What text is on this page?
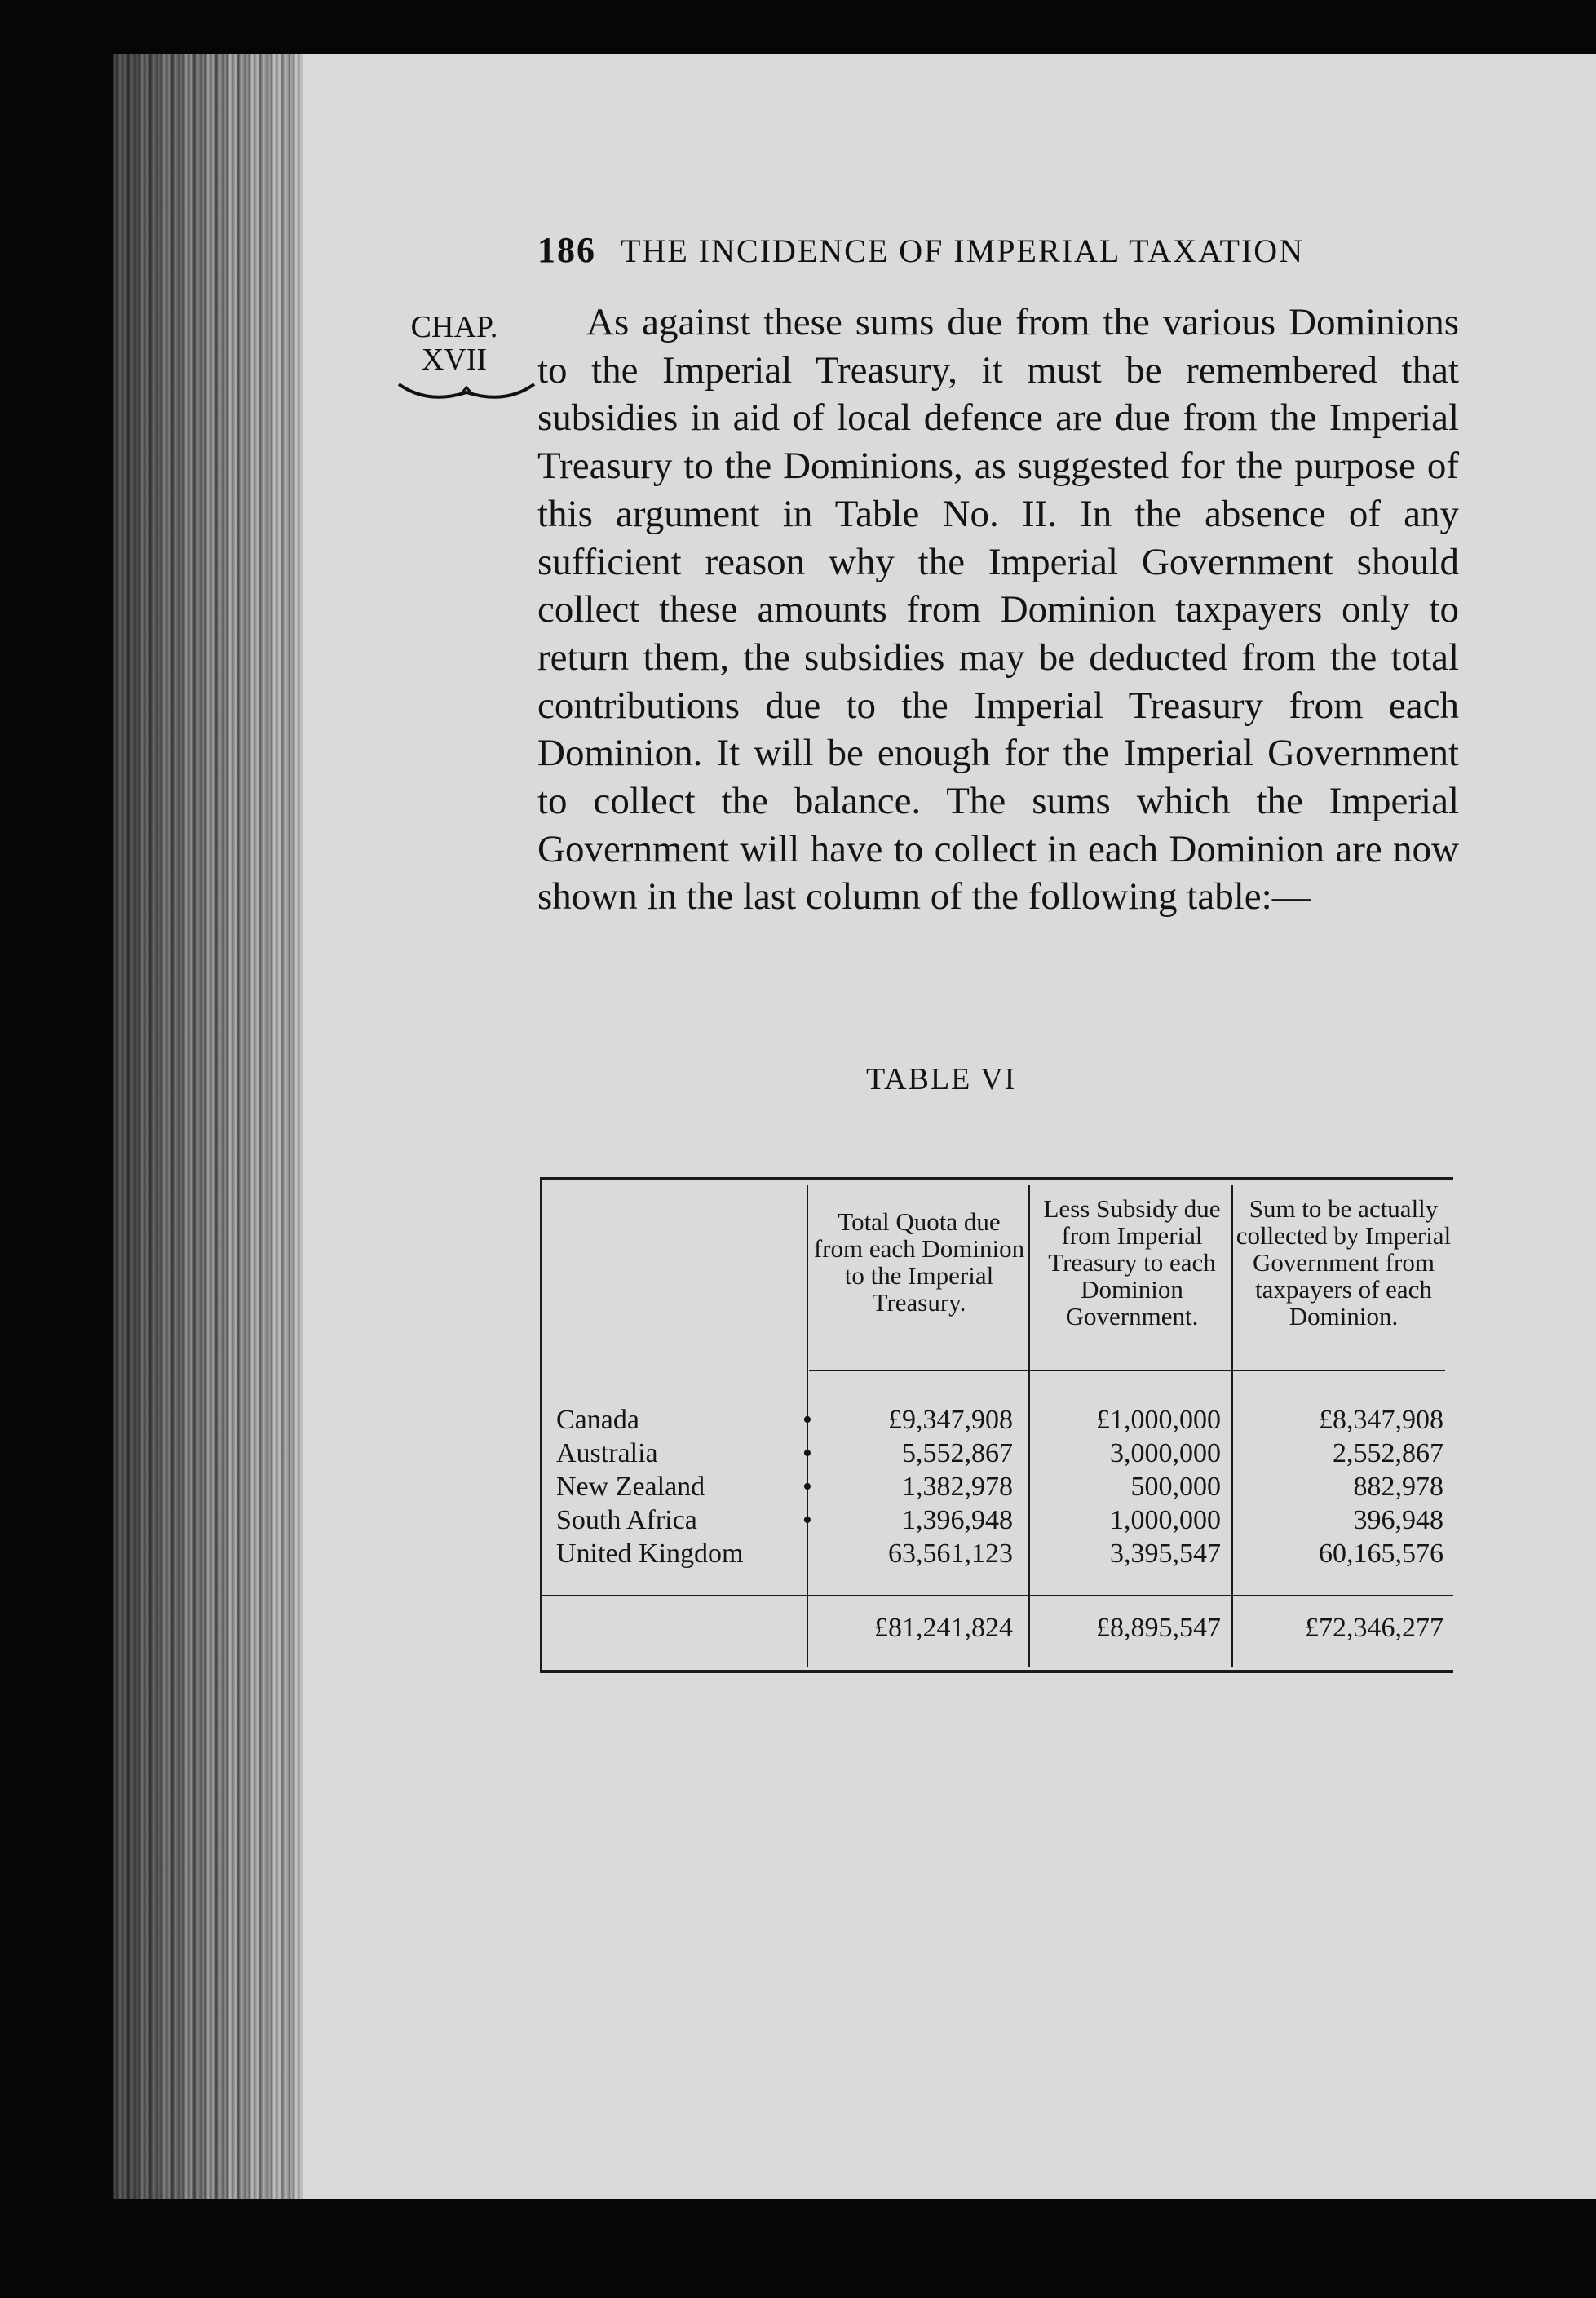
186 THE INCIDENCE OF IMPERIAL TAXATION
CHAP.
XVII

As against these sums due from the various Dominions to the Imperial Treasury, it must be remembered that subsidies in aid of local defence are due from the Imperial Treasury to the Dominions, as suggested for the purpose of this argument in Table No. II. In the absence of any sufficient reason why the Imperial Government should collect these amounts from Dominion taxpayers only to return them, the subsidies may be deducted from the total contributions due to the Imperial Treasury from each Dominion. It will be enough for the Imperial Government to collect the balance. The sums which the Imperial Government will have to collect in each Dominion are now shown in the last column of the following table:—

TABLE VI
Total Quota due from each Dominion to the Imperial Treasury.
Less Subsidy due from Imperial Treasury to each Dominion Government.
Sum to be actually collected by Imperial Government from taxpayers of each Dominion.
Canada	•	£9,347,908	£1,000,000	£8,347,908
Australia	•	5,552,867	3,000,000	2,552,867
New Zealand	•	1,382,978	500,000	882,978
South Africa	•	1,396,948	1,000,000	396,948
United Kingdom	63,561,123	3,395,547	60,165,576
£81,241,824	£8,895,547	£72,346,277
